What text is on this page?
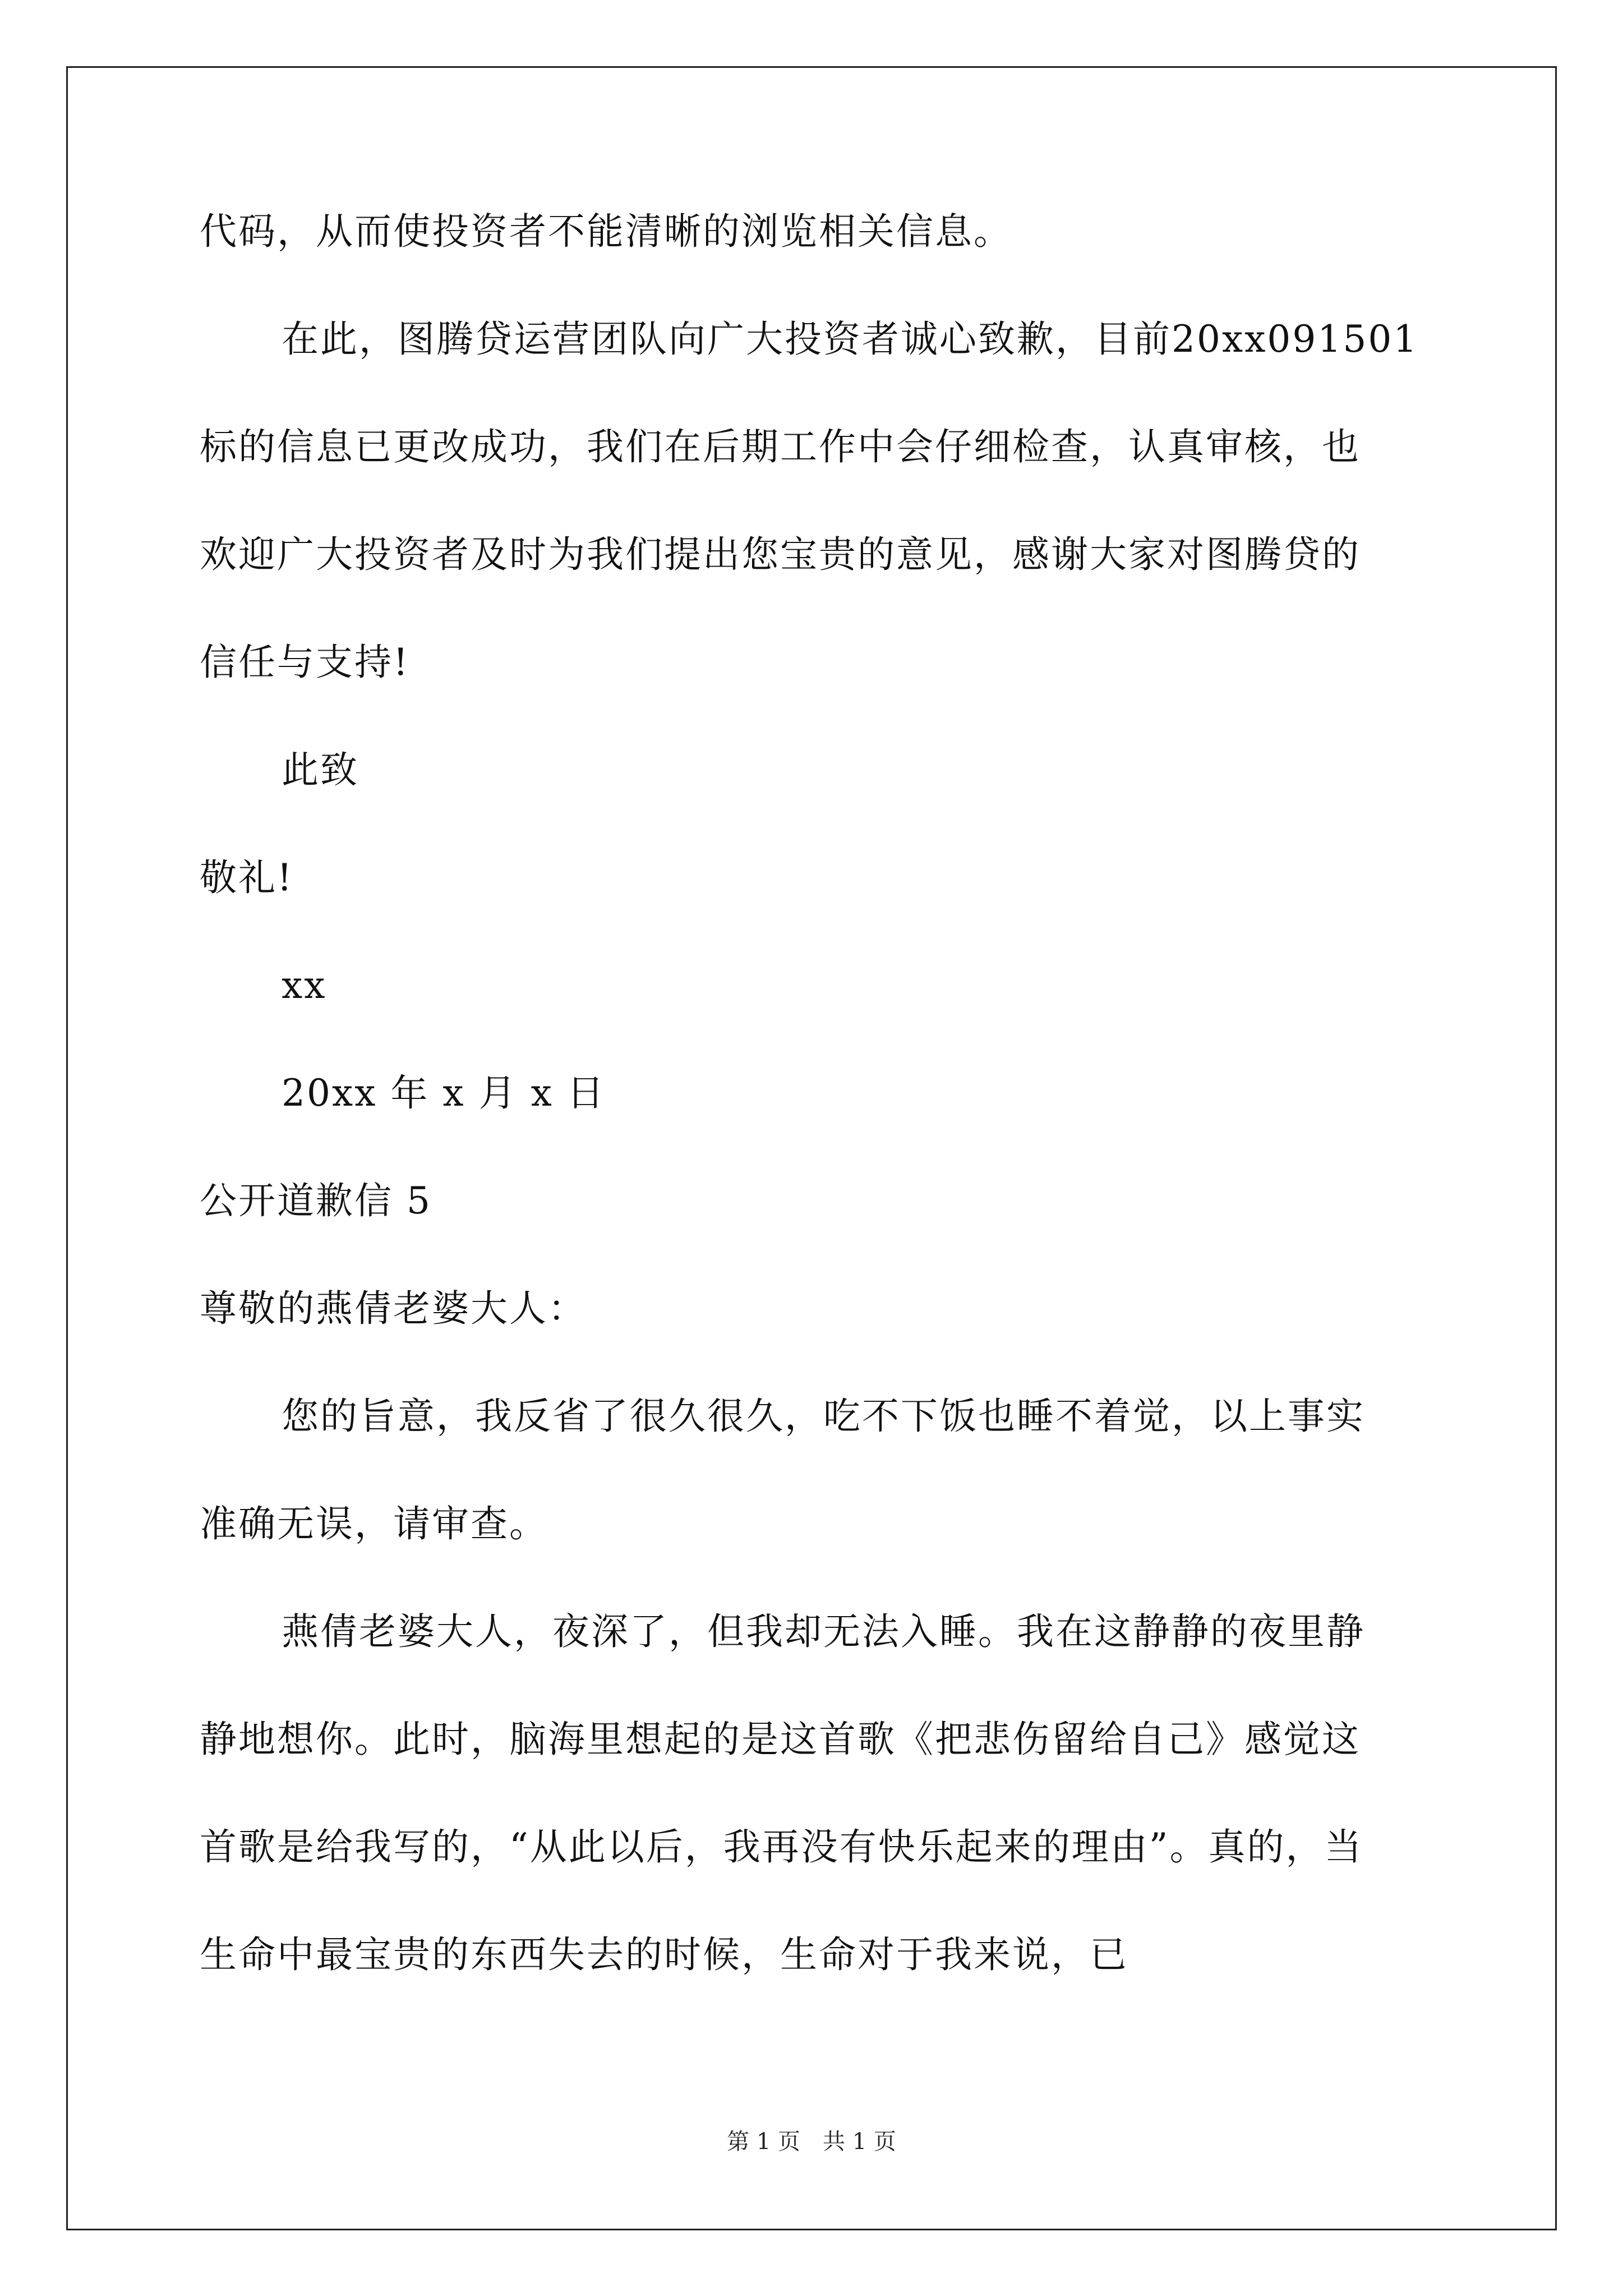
代码，从而使投资者不能清晰的浏览相关信息。
在此，图腾贷运营团队向广大投资者诚心致歉，目前20xx091501
标的信息已更改成功，我们在后期工作中会仔细检查，认真审核，也
欢迎广大投资者及时为我们提出您宝贵的意见，感谢大家对图腾贷的
信任与支持!
此致
敬礼!
xx
20xx 年 x 月 x 日
公开道歉信 5
尊敬的燕倩老婆大人：
您的旨意，我反省了很久很久，吃不下饭也睡不着觉，以上事实
准确无误，请审查。
燕倩老婆大人，夜深了，但我却无法入睡。我在这静静的夜里静
静地想你。此时，脑海里想起的是这首歌《把悲伤留给自己》感觉这
首歌是给我写的，“从此以后，我再没有快乐起来的理由”。真的，当
生命中最宝贵的东西失去的时候，生命对于我来说，已
第 1 页　共 1 页
